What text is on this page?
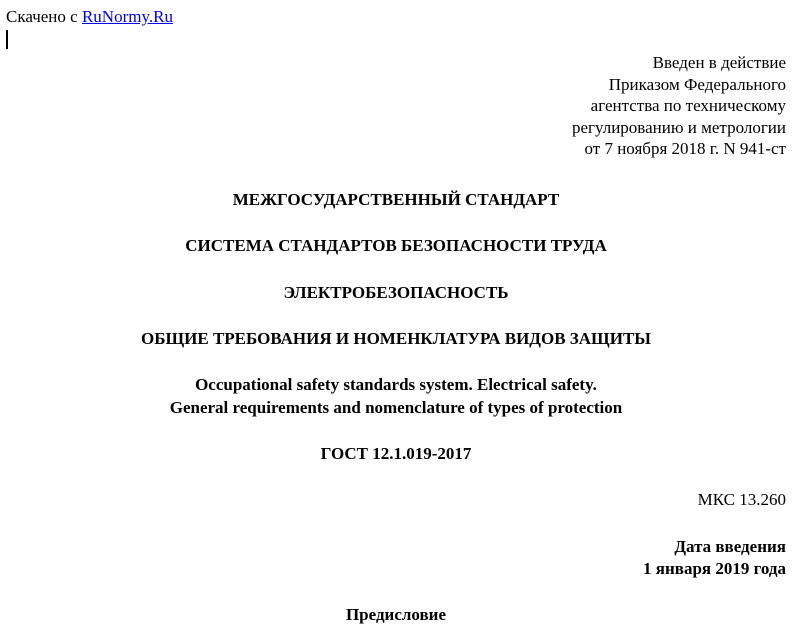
Скачено с RuNormy.Ru
Введен в действие
Приказом Федерального
агентства по техническому
регулированию и метрологии
от 7 ноября 2018 г. N 941-ст
МЕЖГОСУДАРСТВЕННЫЙ СТАНДАРТ
СИСТЕМА СТАНДАРТОВ БЕЗОПАСНОСТИ ТРУДА
ЭЛЕКТРОБЕЗОПАСНОСТЬ
ОБЩИЕ ТРЕБОВАНИЯ И НОМЕНКЛАТУРА ВИДОВ ЗАЩИТЫ
Occupational safety standards system. Electrical safety.
General requirements and nomenclature of types of protection
ГОСТ 12.1.019-2017
МКС 13.260
Дата введения
1 января 2019 года
Предисловие
